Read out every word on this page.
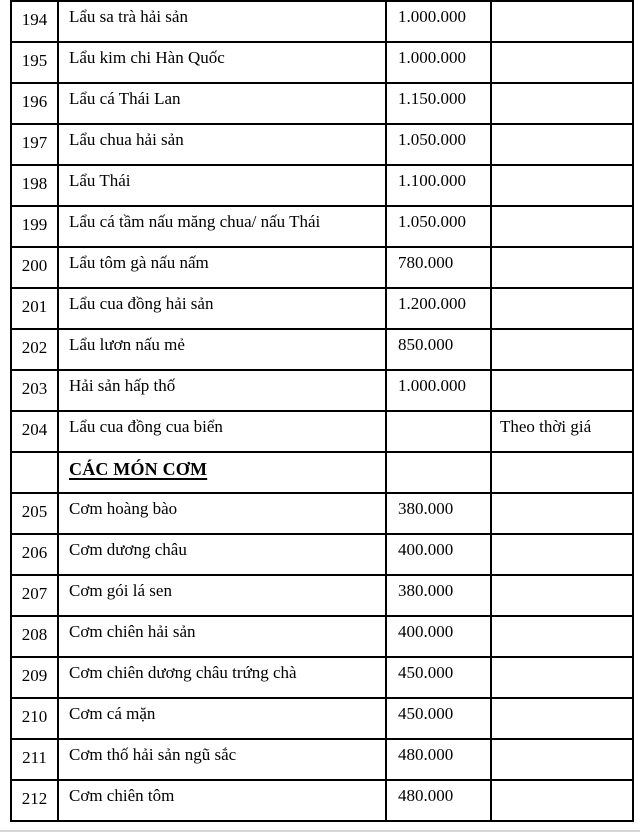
194	Lẩu sa trà hải sản	1.000.000	
195	Lẩu kim chi Hàn Quốc	1.000.000	
196	Lẩu cá Thái Lan	1.150.000	
197	Lẩu chua hải sản	1.050.000	
198	Lẩu Thái	1.100.000	
199	Lẩu cá tầm nấu măng chua/ nấu Thái	1.050.000	
200	Lẩu tôm gà nấu nấm	780.000	
201	Lẩu cua đồng hải sản	1.200.000	
202	Lẩu lươn nấu mẻ	850.000	
203	Hải sản hấp thố	1.000.000	
204	Lẩu cua đồng cua biển		Theo thời giá
	CÁC MÓN CƠM		
205	Cơm hoàng bào	380.000	
206	Cơm dương châu	400.000	
207	Cơm gói lá sen	380.000	
208	Cơm chiên hải sản	400.000	
209	Cơm chiên dương châu trứng chà	450.000	
210	Cơm cá mặn	450.000	
211	Cơm thố hải sản ngũ sắc	480.000	
212	Cơm chiên tôm	480.000	
